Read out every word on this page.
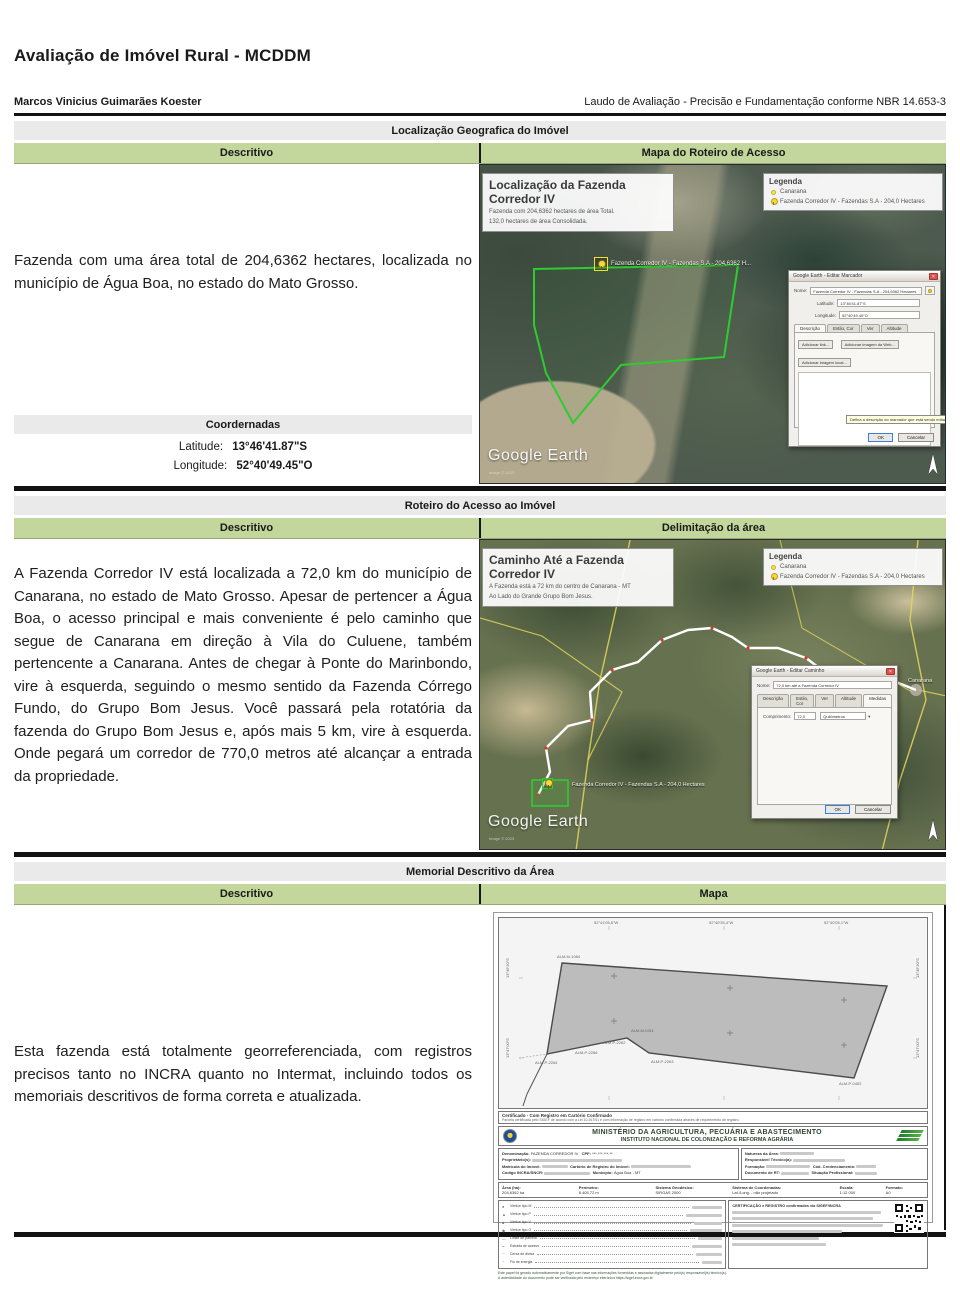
Avaliação de Imóvel Rural - MCDDM
Marcos Vinicius Guimarães Koester	Laudo de Avaliação - Precisão e Fundamentação conforme NBR 14.653-3
Localização Geografica do Imóvel
Descritivo	Mapa do Roteiro de Acesso

Fazenda com uma área total de 204,6362 hectares, localizada no município de Água Boa, no estado do Mato Grosso.

Coordernadas
Latitude: 13°46'41.87"S
Longitude: 52°40'49.45"O
Fazenda Corredor IV - Fazendas S.A - 204,6362 H...
Localização da Fazenda Corredor IV
Fazenda com 204,6362 hectares de área Total.
132,0 hectares de área Consolidada.
Legenda
Canarana
Fazenda Corredor IV - Fazendas S.A - 204,0 Hectares
Google Earth - Editar Marcador	×
Nome:	Fazenda Corredor IV - Fazendas S.A - 204,6362 Hectares
Latitude:	13°46'41.87"S
Longitude:	52°40'49.45"O
Descrição	Estilo, Cor	Ver	Altitude
Adicionar link...	Adicionar imagem da Web... Adicionar imagem local...
OK	Cancelar
Defina a descrição do marcador que está sendo edita
Google Earth
Image © 2023
Roteiro do Acesso ao Imóvel
Descritivo	Delimitação da área

A Fazenda Corredor IV está localizada a 72,0 km do município de Canarana, no estado de Mato Grosso. Apesar de pertencer a Água Boa, o acesso principal e mais conveniente é pelo caminho que segue de Canarana em direção à Vila do Culuene, também pertencente a Canarana. Antes de chegar à Ponte do Marinbondo, vire à esquerda, seguindo o mesmo sentido da Fazenda Córrego Fundo, do Grupo Bom Jesus. Você passará pela rotatória da fazenda do Grupo Bom Jesus e, após mais 5 km, vire à esquerda. Onde pegará um corredor de 770,0 metros até alcançar a entrada da propriedade.

Fazenda Corredor IV - Fazendas S.A - 204,0 Hectares
Canarana
Caminho Até a Fazenda Corredor IV
A Fazenda está a 72 km do centro de Canarana - MT
Ao Lado do Grande Grupo Bom Jesus.
Legenda
Canarana
Fazenda Corredor IV - Fazendas S.A - 204,0 Hectares
Google Earth - Editar Caminho	×
Nome:	72,0 km até a Fazenda Corredor IV
Descrição	Estilo, Cor
Ver	Altitude	Medidas
Comprimento:	72,0	Quilômetros	▼
OK	Cancelar
Google Earth
Image © 2023
Memorial Descritivo da Área
Descritivo	Mapa

Esta fazenda está totalmente georreferenciada, com registros precisos tanto no INCRA quanto no Intermat, incluindo todos os memoriais descritivos de forma correta e atualizada.

52°41'05,6"W	52°40'35,4"W	52°40'05,1"W
13°46'20"S
13°47'00"S
13°46'20"S
13°47'00"S
ALM-M-1084
ALM-M-0411
ALM-P-2262
ALM-P-2264
ALM-P-2266
ALM-P-2263
ALM-P-0452
Certificado - Com Registro em Cartório Confirmado
Parcela certificada pelo SIGEF de acordo com a Lei 10.267/01 e com informação de registro em cartório confirmada através de requerimento de registro.
MINISTÉRIO DA AGRICULTURA, PECUÁRIA E ABASTECIMENTO
INSTITUTO NACIONAL DE COLONIZAÇÃO E REFORMA AGRÁRIA
Denominação: FAZENDA CORREDOR IV CPF: ***.***.***-**
Proprietário(s):
Matrícula do Imóvel:	Cartório de Registro do Imóvel:
Código INCRA/SNCR:	Município: Água Boa - MT
Natureza da Área:
Responsável Técnico(a):
Formação:	Cód. Credenciamento:
Documento de RT:	Situação Profissional:
Área (ha):
204,6362 ha
Perímetro:
6.405,72 m
Sistema Geodésico:
SIRGAS 2000
Sistema de Coordenadas:
Lat./Long. - não projetado
Escala:
1:12.000
Formato:
A0
●	Vértice tipo M
▲	Vértice tipo P
■	Vértice tipo V
◆	Vértice tipo O
—	Limite de parcela
┅	Estrada de acesso
╌	Cerca de divisa
~	Fio de energia
CERTIFICAÇÃO e REGISTRO confirmados via SIGEF/INCRA

Este papel foi gerado automaticamente por Sigef com base nas informações fornecidas e assinadas digitalmente pelo(s) responsável(is) técnico(s).
A autenticidade do documento pode ser verificada pelo endereço eletrônico https://sigef.incra.gov.br
